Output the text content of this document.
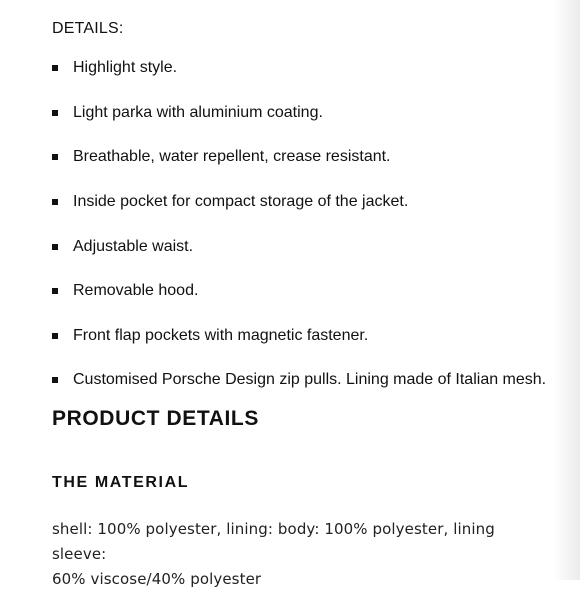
DETAILS:
Highlight style.
Light parka with aluminium coating.
Breathable, water repellent, crease resistant.
Inside pocket for compact storage of the jacket.
Adjustable waist.
Removable hood.
Front flap pockets with magnetic fastener.
Customised Porsche Design zip pulls. Lining made of Italian mesh.
PRODUCT DETAILS
THE MATERIAL
shell: 100% polyester, lining: body: 100% polyester, lining sleeve:
60% viscose/40% polyester
